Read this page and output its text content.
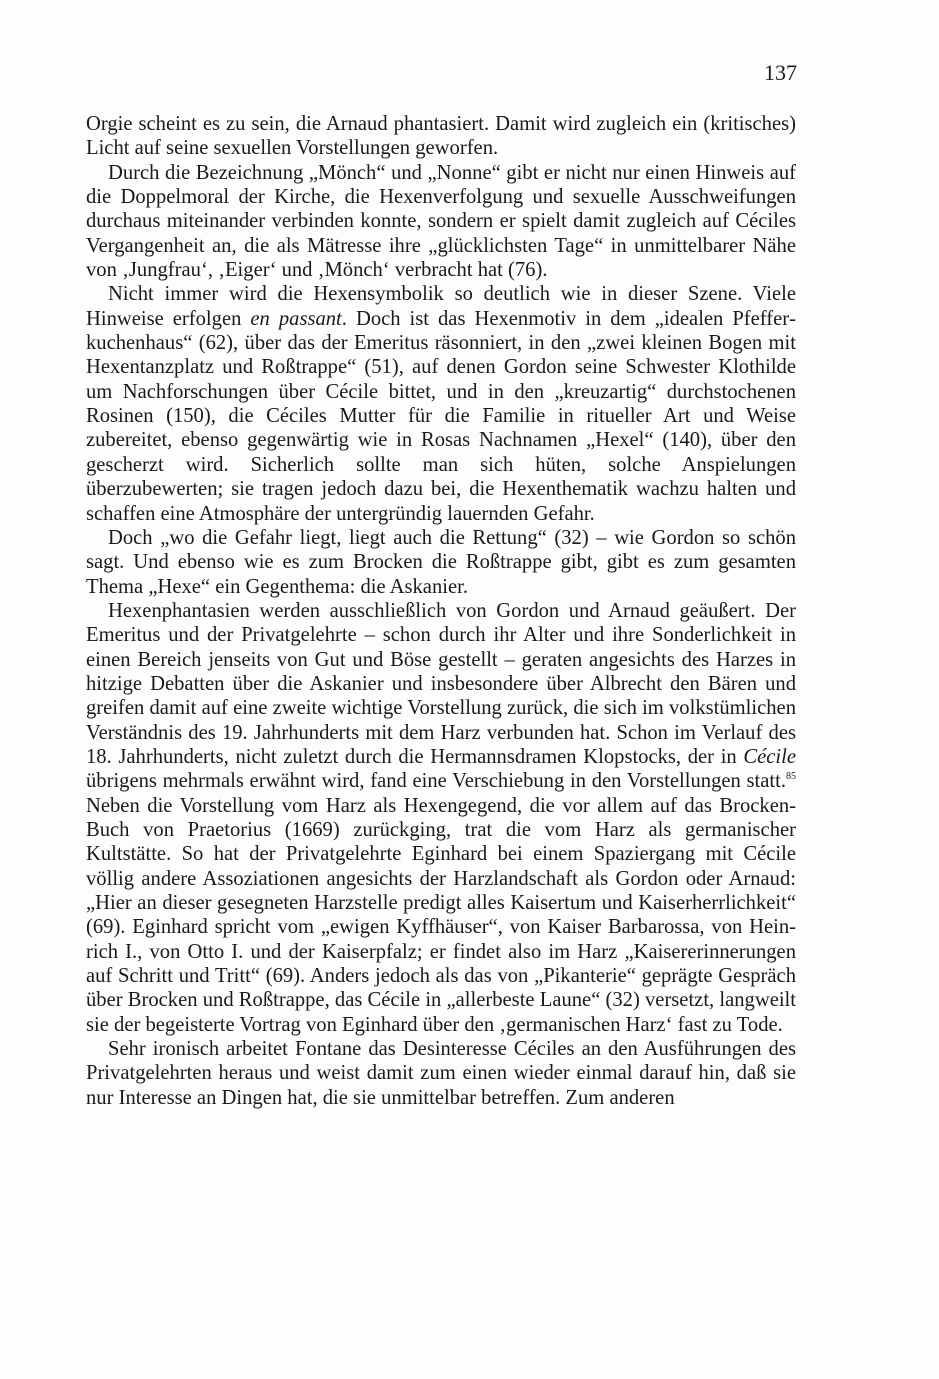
137

Orgie scheint es zu sein, die Arnaud phantasiert. Damit wird zugleich ein (kritisches) Licht auf seine sexuellen Vorstellungen geworfen.

Durch die Bezeichnung „Mönch“ und „Nonne“ gibt er nicht nur einen Hinweis auf die Doppelmoral der Kirche, die Hexenverfolgung und sexuelle Ausschweifungen durchaus miteinander verbinden konnte, sondern er spielt damit zugleich auf Céciles Vergangenheit an, die als Mätresse ihre „glücklichsten Tage“ in unmittelbarer Nähe von ‚Jungfrau‘, ‚Eiger‘ und ‚Mönch‘ verbracht hat (76).

Nicht immer wird die Hexensymbolik so deutlich wie in dieser Szene. Viele Hinweise erfolgen en passant. Doch ist das Hexenmotiv in dem „idealen Pfefferkuchenhaus“ (62), über das der Emeritus räsonniert, in den „zwei kleinen Bogen mit Hexentanzplatz und Roßtrappe“ (51), auf denen Gordon seine Schwester Klothilde um Nachforschungen über Cécile bittet, und in den „kreuzartig“ durchstochenen Rosinen (150), die Céciles Mutter für die Familie in ritueller Art und Weise zubereitet, ebenso gegenwärtig wie in Rosas Nachnamen „Hexel“ (140), über den gescherzt wird. Sicherlich sollte man sich hüten, solche Anspielungen überzubewerten; sie tragen jedoch dazu bei, die Hexenthematik wachzu halten und schaffen eine Atmosphäre der untergründig lauernden Gefahr.

Doch „wo die Gefahr liegt, liegt auch die Rettung“ (32) – wie Gordon so schön sagt. Und ebenso wie es zum Brocken die Roßtrappe gibt, gibt es zum gesamten Thema „Hexe“ ein Gegenthema: die Askanier.

Hexenphantasien werden ausschließlich von Gordon und Arnaud geäußert. Der Emeritus und der Privatgelehrte – schon durch ihr Alter und ihre Sonderlichkeit in einen Bereich jenseits von Gut und Böse gestellt – geraten angesichts des Harzes in hitzige Debatten über die Askanier und insbesondere über Albrecht den Bären und greifen damit auf eine zweite wichtige Vorstellung zurück, die sich im volkstümlichen Verständnis des 19. Jahrhunderts mit dem Harz verbunden hat. Schon im Verlauf des 18. Jahrhunderts, nicht zuletzt durch die Hermannsdramen Klopstocks, der in Cécile übrigens mehrmals erwähnt wird, fand eine Verschiebung in den Vorstellungen statt.$^{85}$ Neben die Vorstellung vom Harz als Hexengegend, die vor allem auf das Brocken-Buch von Praetorius (1669) zurückging, trat die vom Harz als germanischer Kultstätte. So hat der Privatgelehrte Eginhard bei einem Spaziergang mit Cécile völlig andere Assoziationen angesichts der Harzlandschaft als Gordon oder Arnaud: „Hier an dieser gesegneten Harzstelle predigt alles Kaisertum und Kaiserherrlichkeit“ (69). Eginhard spricht vom „ewigen Kyffhäuser“, von Kaiser Barbarossa, von Heinrich I., von Otto I. und der Kaiserpfalz; er findet also im Harz „Kaisererinnerungen auf Schritt und Tritt“ (69). Anders jedoch als das von „Pikanterie“ geprägte Gespräch über Brocken und Roßtrappe, das Cécile in „allerbeste Laune“ (32) versetzt, langweilt sie der begeisterte Vortrag von Eginhard über den ‚germanischen Harz‘ fast zu Tode.

Sehr ironisch arbeitet Fontane das Desinteresse Céciles an den Ausführungen des Privatgelehrten heraus und weist damit zum einen wieder einmal darauf hin, daß sie nur Interesse an Dingen hat, die sie unmittelbar betreffen. Zum anderen
